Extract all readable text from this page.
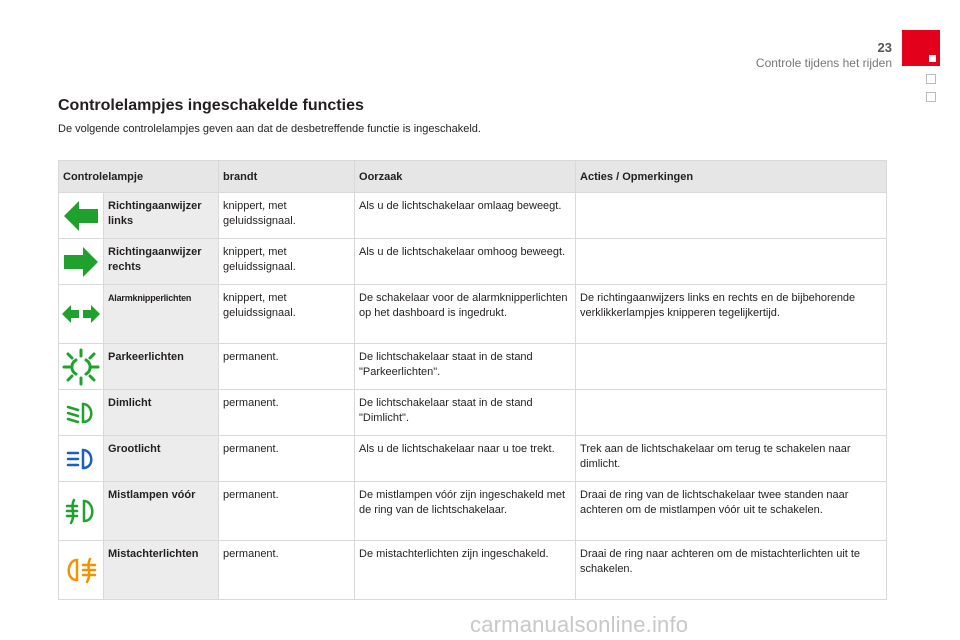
23
Controle tijdens het rijden
Controlelampjes ingeschakelde functies

De volgende controlelampjes geven aan dat de desbetreffende functie is ingeschakeld.

Controlelampje		brandt	Oorzaak	Acties / Opmerkingen
	Richtingaanwijzer links	knippert, met geluidssignaal.	Als u de lichtschakelaar omlaag beweegt.	
	Richtingaanwijzer rechts	knippert, met geluidssignaal.	Als u de lichtschakelaar omhoog beweegt.	
	Alarmknipperlichten	knippert, met geluidssignaal.	De schakelaar voor de alarmknipperlichten op het dashboard is ingedrukt.	De richtingaanwijzers links en rechts en de bijbehorende verklikkerlampjes knipperen tegelijkertijd.
	Parkeerlichten	permanent.	De lichtschakelaar staat in de stand "Parkeerlichten".	
	Dimlicht	permanent.	De lichtschakelaar staat in de stand "Dimlicht".	
	Grootlicht	permanent.	Als u de lichtschakelaar naar u toe trekt.	Trek aan de lichtschakelaar om terug te schakelen naar dimlicht.
	Mistlampen vóór	permanent.	De mistlampen vóór zijn ingeschakeld met de ring van de lichtschakelaar.	Draai de ring van de lichtschakelaar twee standen naar achteren om de mistlampen vóór uit te schakelen.
	Mistachterlichten	permanent.	De mistachterlichten zijn ingeschakeld.	Draai de ring naar achteren om de mistachterlichten uit te schakelen.
carmanualsonline.info
